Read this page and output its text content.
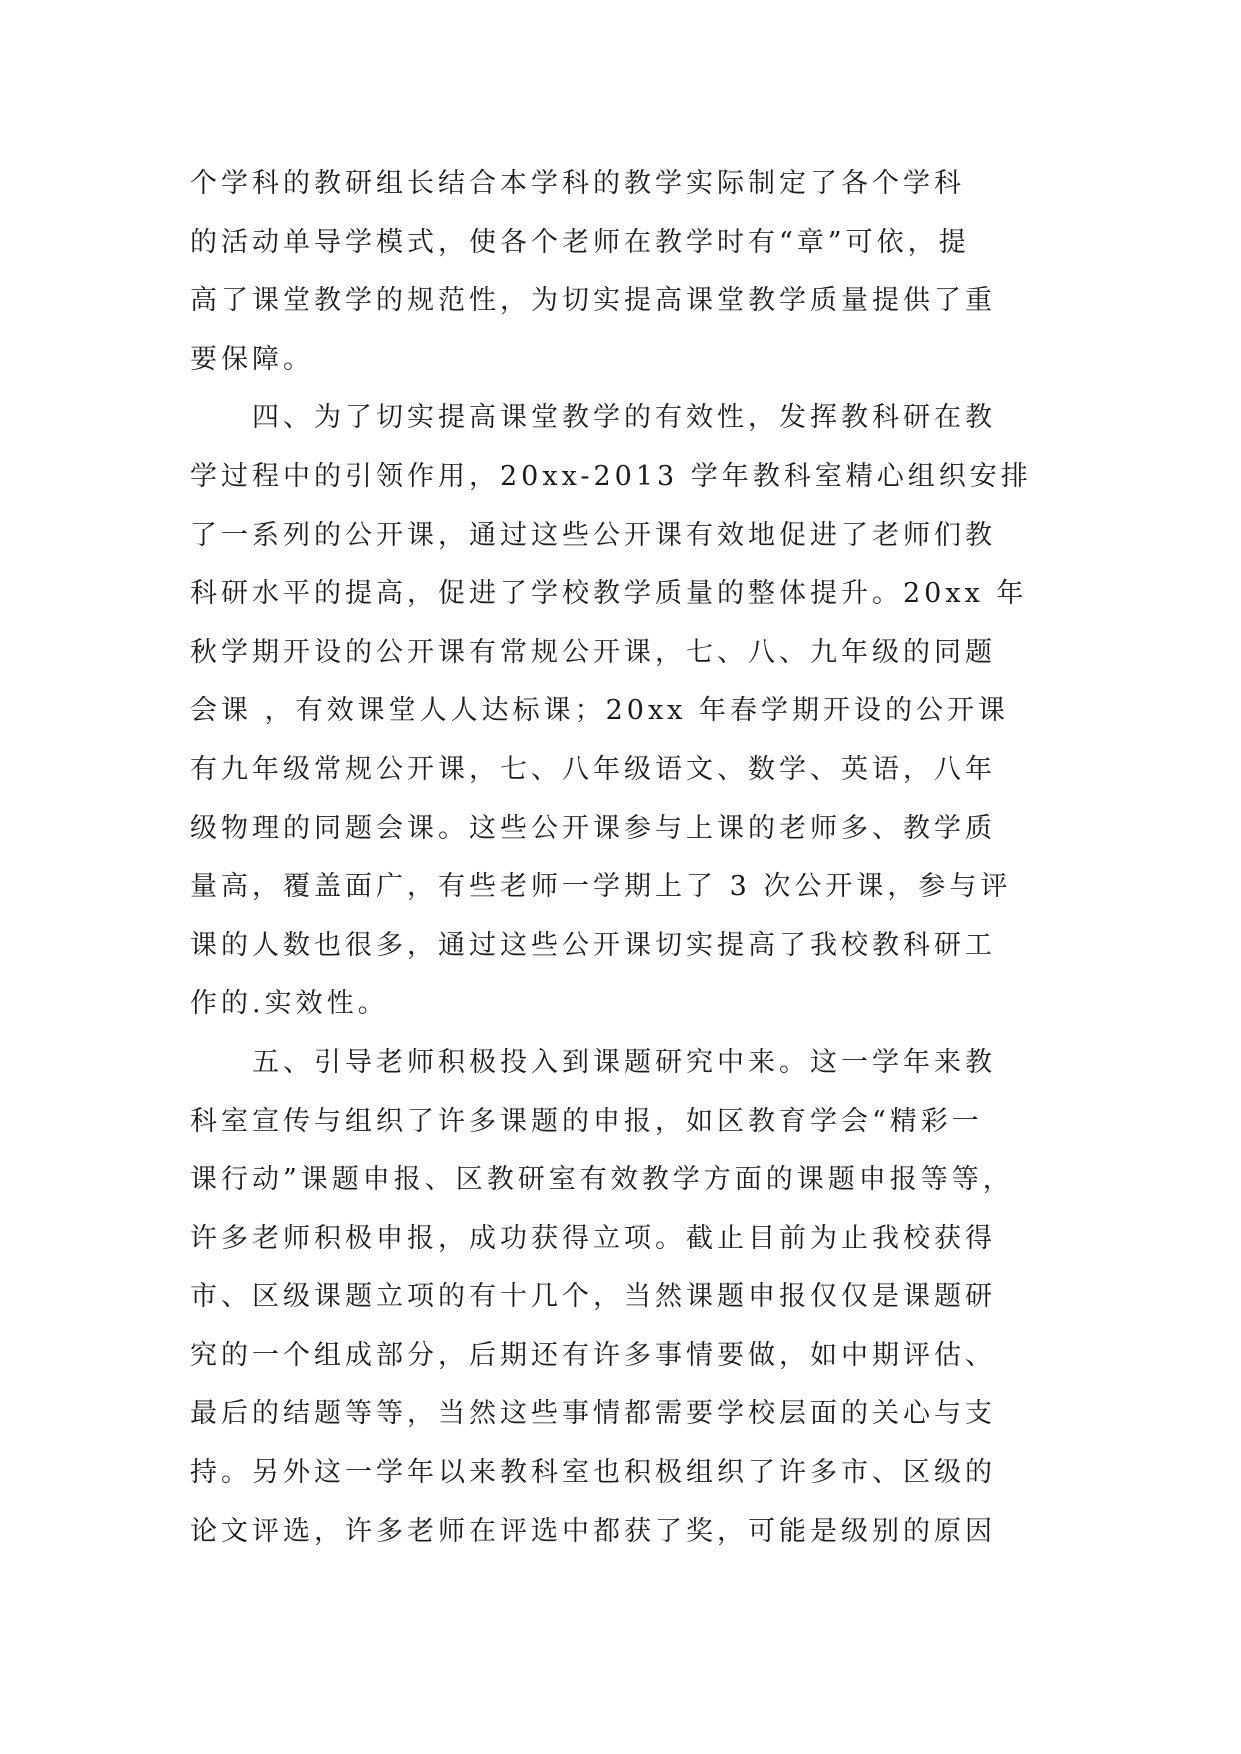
个学科的教研组长结合本学科的教学实际制定了各个学科
的活动单导学模式，使各个老师在教学时有“章”可依，提
高了课堂教学的规范性，为切实提高课堂教学质量提供了重
要保障。
　　四、为了切实提高课堂教学的有效性，发挥教科研在教
学过程中的引领作用，20xx-2013 学年教科室精心组织安排
了一系列的公开课，通过这些公开课有效地促进了老师们教
科研水平的提高，促进了学校教学质量的整体提升。20xx 年
秋学期开设的公开课有常规公开课，七、八、九年级的同题
会课 ，有效课堂人人达标课；20xx 年春学期开设的公开课
有九年级常规公开课，七、八年级语文、数学、英语，八年
级物理的同题会课。这些公开课参与上课的老师多、教学质
量高，覆盖面广，有些老师一学期上了 3 次公开课，参与评
课的人数也很多，通过这些公开课切实提高了我校教科研工
作的.实效性。
　　五、引导老师积极投入到课题研究中来。这一学年来教
科室宣传与组织了许多课题的申报，如区教育学会“精彩一
课行动”课题申报、区教研室有效教学方面的课题申报等等，
许多老师积极申报，成功获得立项。截止目前为止我校获得
市、区级课题立项的有十几个，当然课题申报仅仅是课题研
究的一个组成部分，后期还有许多事情要做，如中期评估、
最后的结题等等，当然这些事情都需要学校层面的关心与支
持。另外这一学年以来教科室也积极组织了许多市、区级的
论文评选，许多老师在评选中都获了奖，可能是级别的原因
